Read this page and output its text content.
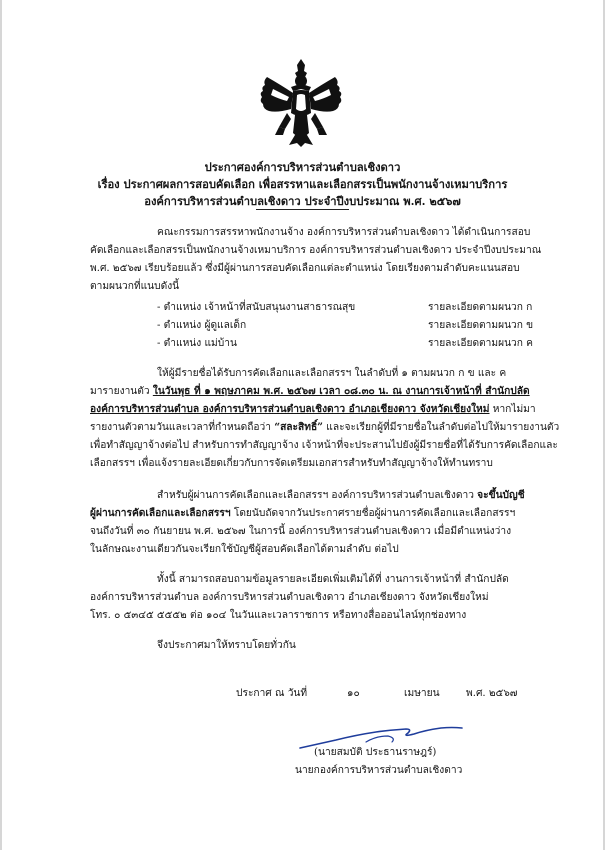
ประกาศองค์การบริหารส่วนตำบลเชิงดาว
เรื่อง ประกาศผลการสอบคัดเลือก เพื่อสรรหาและเลือกสรรเป็นพนักงานจ้างเหมาบริการ
องค์การบริหารส่วนตำบลเชิงดาว ประจำปีงบประมาณ พ.ศ. ๒๕๖๗
คณะกรรมการสรรหาพนักงานจ้าง องค์การบริหารส่วนตำบลเชิงดาว ได้ดำเนินการสอบ
คัดเลือกและเลือกสรรเป็นพนักงานจ้างเหมาบริการ องค์การบริหารส่วนตำบลเชิงดาว ประจำปีงบประมาณ
พ.ศ. ๒๕๖๗ เรียบร้อยแล้ว ซึ่งมีผู้ผ่านการสอบคัดเลือกแต่ละตำแหน่ง โดยเรียงตามลำดับคะแนนสอบ
ตามผนวกที่แนบดังนี้
- ตำแหน่ง เจ้าหน้าที่สนับสนุนงานสาธารณสุข	รายละเอียดตามผนวก ก
- ตำแหน่ง ผู้ดูแลเด็ก	รายละเอียดตามผนวก ข
- ตำแหน่ง แม่บ้าน	รายละเอียดตามผนวก ค
ให้ผู้มีรายชื่อได้รับการคัดเลือกและเลือกสรรฯ ในลำดับที่ ๑ ตามผนวก ก ข และ ค
มารายงานตัว ในวันพุธ ที่ ๑ พฤษภาคม พ.ศ. ๒๕๖๗ เวลา ๐๘.๓๐ น. ณ งานการเจ้าหน้าที่ สำนักปลัด
องค์การบริหารส่วนตำบล องค์การบริหารส่วนตำบลเชิงดาว อำเภอเชียงดาว จังหวัดเชียงใหม่ หากไม่มา
รายงานตัวตามวันและเวลาที่กำหนดถือว่า “สละสิทธิ์” และจะเรียกผู้ที่มีรายชื่อในลำดับต่อไปให้มารายงานตัว
เพื่อทำสัญญาจ้างต่อไป สำหรับการทำสัญญาจ้าง เจ้าหน้าที่จะประสานไปยังผู้มีรายชื่อที่ได้รับการคัดเลือกและ
เลือกสรรฯ เพื่อแจ้งรายละเอียดเกี่ยวกับการจัดเตรียมเอกสารสำหรับทำสัญญาจ้างให้ทำนทราบ
สำหรับผู้ผ่านการคัดเลือกและเลือกสรรฯ องค์การบริหารส่วนตำบลเชิงดาว จะขึ้นบัญชี
ผู้ผ่านการคัดเลือกและเลือกสรรฯ โดยนับถัดจากวันประกาศรายชื่อผู้ผ่านการคัดเลือกและเลือกสรรฯ
จนถึงวันที่ ๓๐ กันยายน พ.ศ. ๒๕๖๗ ในการนี้ องค์การบริหารส่วนตำบลเชิงดาว เมื่อมีตำแหน่งว่าง
ในลักษณะงานเดียวกันจะเรียกใช้บัญชีผู้สอบคัดเลือกได้ตามลำดับ ต่อไป
ทั้งนี้ สามารถสอบถามข้อมูลรายละเอียดเพิ่มเติมได้ที่ งานการเจ้าหน้าที่ สำนักปลัด
องค์การบริหารส่วนตำบล องค์การบริหารส่วนตำบลเชิงดาว อำเภอเชียงดาว จังหวัดเชียงใหม่
โทร. ๐ ๕๓๔๕ ๕๕๕๒ ต่อ ๑๐๔ ในวันและเวลาราชการ หรือทางสื่อออนไลน์ทุกช่องทาง
จึงประกาศมาให้ทราบโดยทั่วกัน
ประกาศ ณ วันที่	๑๐	เมษายน	พ.ศ. ๒๕๖๗
(นายสมบัติ ประธานราษฎร์)
นายกองค์การบริหารส่วนตำบลเชิงดาว
